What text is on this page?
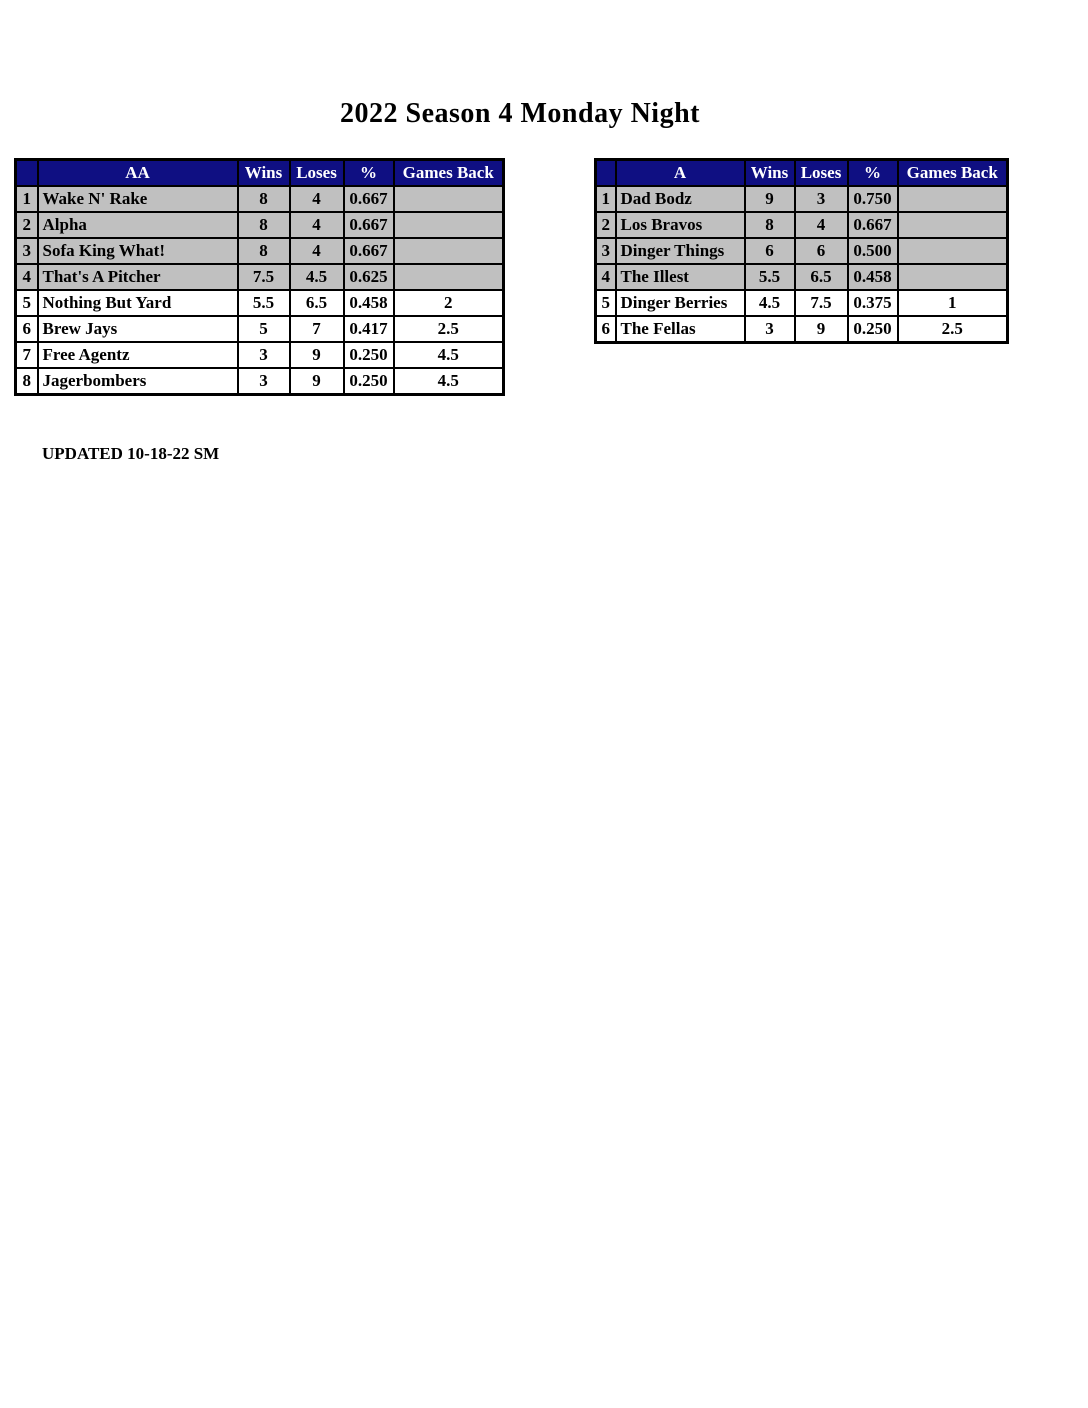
2022 Season 4 Monday Night
	AA	Wins	Loses	%	Games Back
1	Wake N' Rake	8	4	0.667	
2	Alpha	8	4	0.667	
3	Sofa King What!	8	4	0.667	
4	That's A Pitcher	7.5	4.5	0.625	
5	Nothing But Yard	5.5	6.5	0.458	2
6	Brew Jays	5	7	0.417	2.5
7	Free Agentz	3	9	0.250	4.5
8	Jagerbombers	3	9	0.250	4.5
	A	Wins	Loses	%	Games Back
1	Dad Bodz	9	3	0.750	
2	Los Bravos	8	4	0.667	
3	Dinger Things	6	6	0.500	
4	The Illest	5.5	6.5	0.458	
5	Dinger Berries	4.5	7.5	0.375	1
6	The Fellas	3	9	0.250	2.5
UPDATED 10-18-22 SM
